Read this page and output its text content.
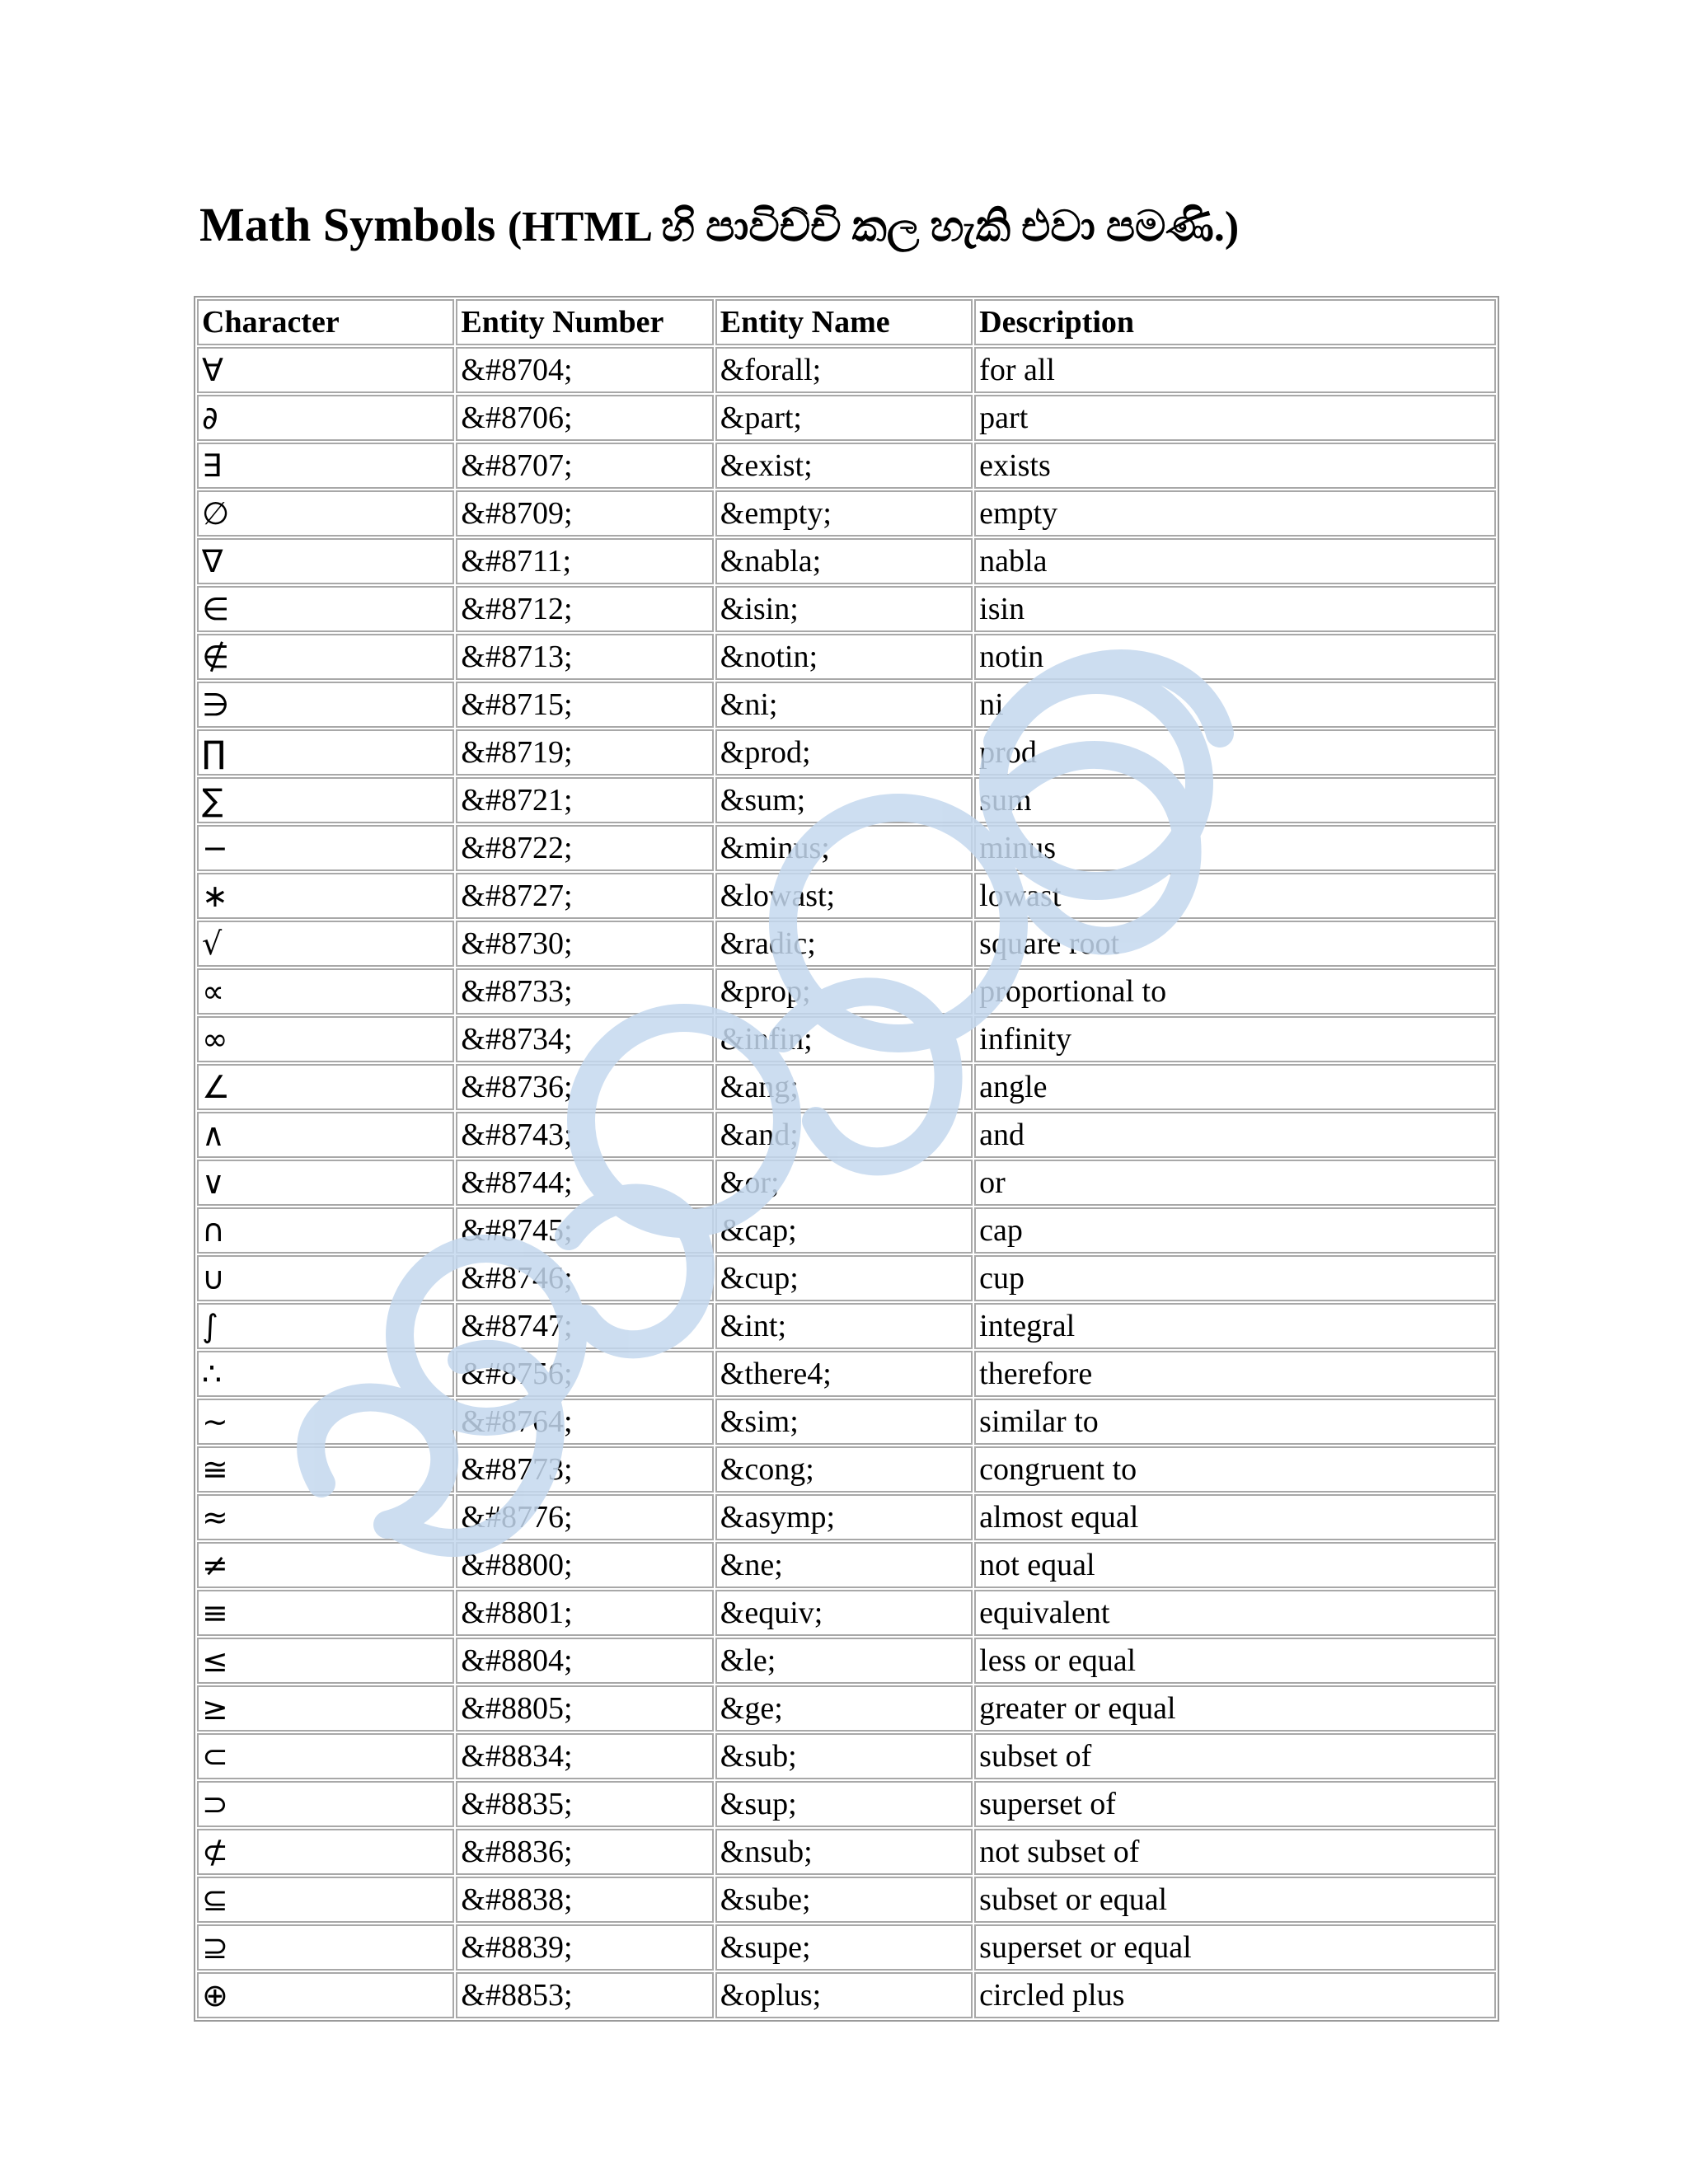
Math Symbols (HTML හි පාවිච්චි කල හැකි එවා පමණි.)
Character	Entity Number	Entity Name	Description
∀	&#8704;	&forall;	for all
∂	&#8706;	&part;	part
∃	&#8707;	&exist;	exists
∅	&#8709;	&empty;	empty
∇	&#8711;	&nabla;	nabla
∈	&#8712;	&isin;	isin
∉	&#8713;	&notin;	notin
∋	&#8715;	&ni;	ni
∏	&#8719;	&prod;	prod
∑	&#8721;	&sum;	sum
−	&#8722;	&minus;	minus
∗	&#8727;	&lowast;	lowast
√	&#8730;	&radic;	square root
∝	&#8733;	&prop;	proportional to
∞	&#8734;	&infin;	infinity
∠	&#8736;	&ang;	angle
∧	&#8743;	&and;	and
∨	&#8744;	&or;	or
∩	&#8745;	&cap;	cap
∪	&#8746;	&cup;	cup
∫	&#8747;	&int;	integral
∴	&#8756;	&there4;	therefore
∼	&#8764;	&sim;	similar to
≅	&#8773;	&cong;	congruent to
≈	&#8776;	&asymp;	almost equal
≠	&#8800;	&ne;	not equal
≡	&#8801;	&equiv;	equivalent
≤	&#8804;	&le;	less or equal
≥	&#8805;	&ge;	greater or equal
⊂	&#8834;	&sub;	subset of
⊃	&#8835;	&sup;	superset of
⊄	&#8836;	&nsub;	not subset of
⊆	&#8838;	&sube;	subset or equal
⊇	&#8839;	&supe;	superset or equal
⊕	&#8853;	&oplus;	circled plus
